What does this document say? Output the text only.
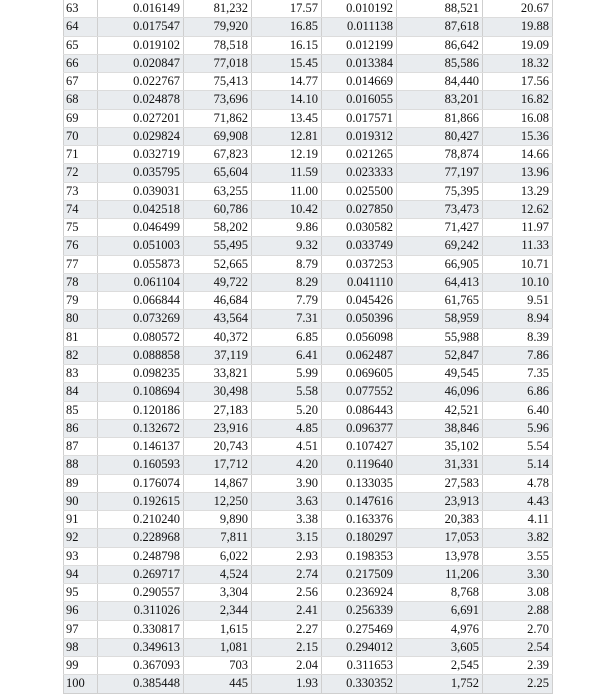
63	0.016149	81,232	17.57	0.010192	88,521	20.67
64	0.017547	79,920	16.85	0.011138	87,618	19.88
65	0.019102	78,518	16.15	0.012199	86,642	19.09
66	0.020847	77,018	15.45	0.013384	85,586	18.32
67	0.022767	75,413	14.77	0.014669	84,440	17.56
68	0.024878	73,696	14.10	0.016055	83,201	16.82
69	0.027201	71,862	13.45	0.017571	81,866	16.08
70	0.029824	69,908	12.81	0.019312	80,427	15.36
71	0.032719	67,823	12.19	0.021265	78,874	14.66
72	0.035795	65,604	11.59	0.023333	77,197	13.96
73	0.039031	63,255	11.00	0.025500	75,395	13.29
74	0.042518	60,786	10.42	0.027850	73,473	12.62
75	0.046499	58,202	9.86	0.030582	71,427	11.97
76	0.051003	55,495	9.32	0.033749	69,242	11.33
77	0.055873	52,665	8.79	0.037253	66,905	10.71
78	0.061104	49,722	8.29	0.041110	64,413	10.10
79	0.066844	46,684	7.79	0.045426	61,765	9.51
80	0.073269	43,564	7.31	0.050396	58,959	8.94
81	0.080572	40,372	6.85	0.056098	55,988	8.39
82	0.088858	37,119	6.41	0.062487	52,847	7.86
83	0.098235	33,821	5.99	0.069605	49,545	7.35
84	0.108694	30,498	5.58	0.077552	46,096	6.86
85	0.120186	27,183	5.20	0.086443	42,521	6.40
86	0.132672	23,916	4.85	0.096377	38,846	5.96
87	0.146137	20,743	4.51	0.107427	35,102	5.54
88	0.160593	17,712	4.20	0.119640	31,331	5.14
89	0.176074	14,867	3.90	0.133035	27,583	4.78
90	0.192615	12,250	3.63	0.147616	23,913	4.43
91	0.210240	9,890	3.38	0.163376	20,383	4.11
92	0.228968	7,811	3.15	0.180297	17,053	3.82
93	0.248798	6,022	2.93	0.198353	13,978	3.55
94	0.269717	4,524	2.74	0.217509	11,206	3.30
95	0.290557	3,304	2.56	0.236924	8,768	3.08
96	0.311026	2,344	2.41	0.256339	6,691	2.88
97	0.330817	1,615	2.27	0.275469	4,976	2.70
98	0.349613	1,081	2.15	0.294012	3,605	2.54
99	0.367093	703	2.04	0.311653	2,545	2.39
100	0.385448	445	1.93	0.330352	1,752	2.25
